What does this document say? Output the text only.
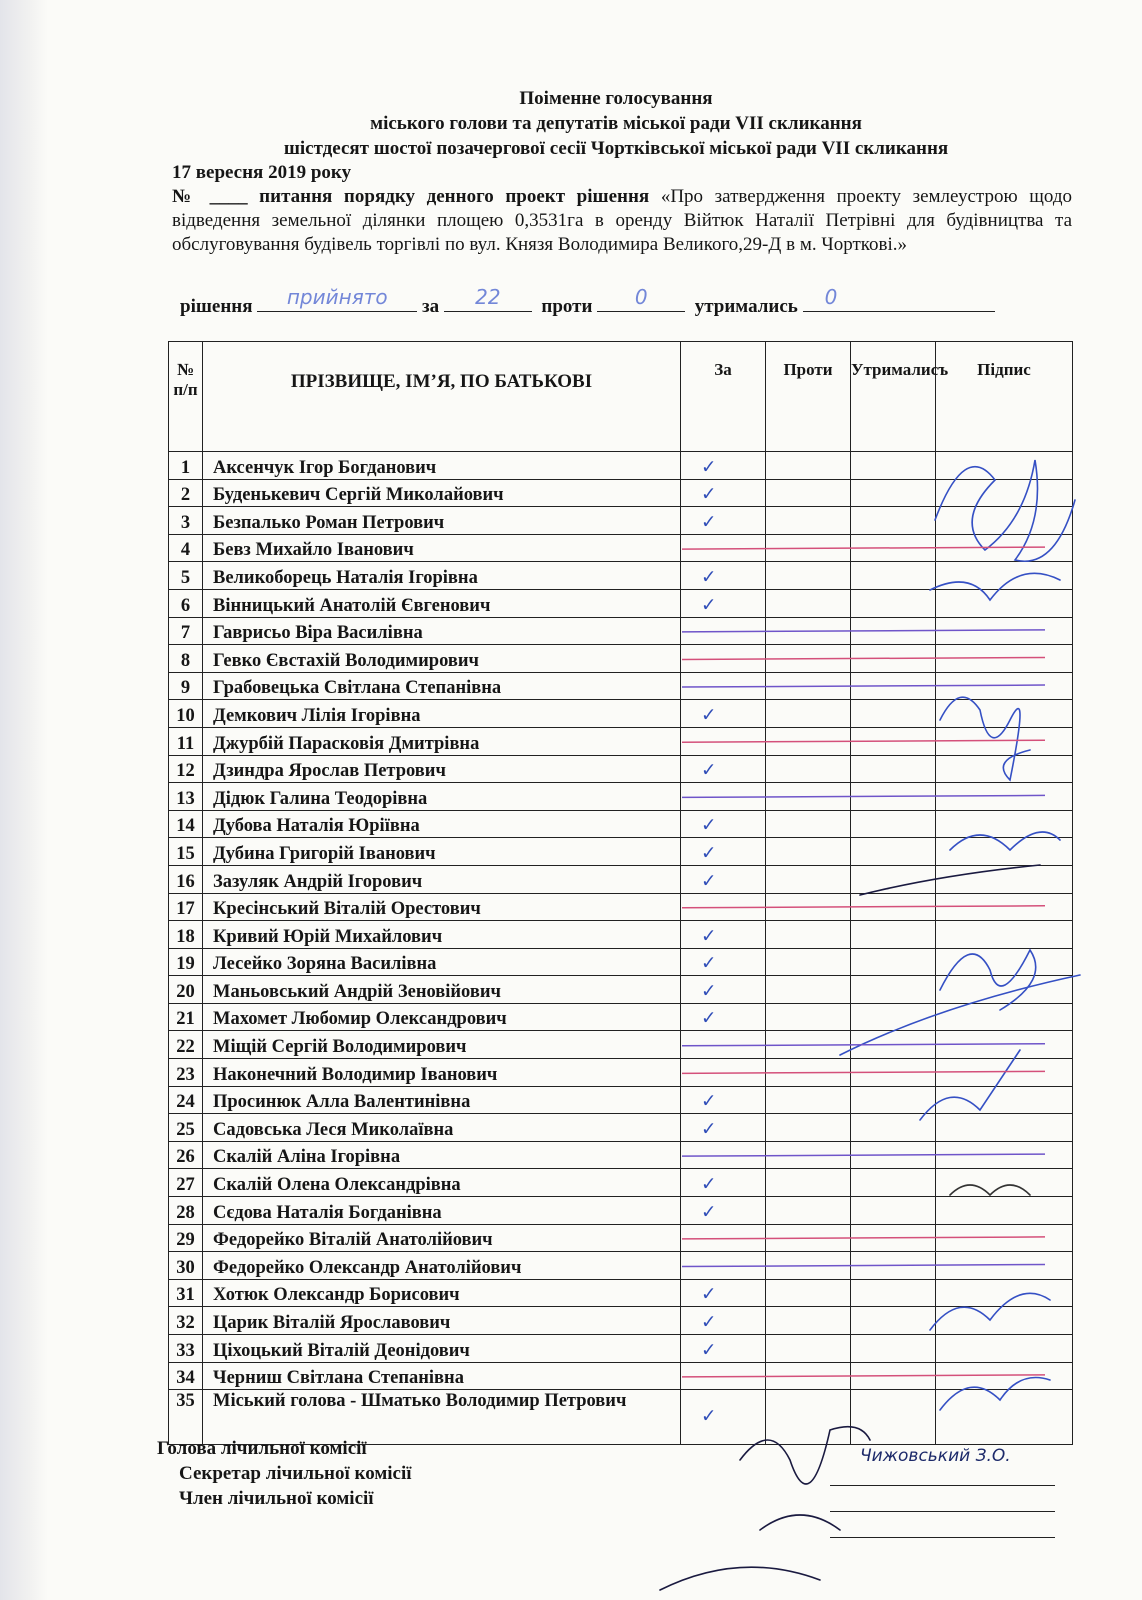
Поіменне голосування
міського голови та депутатів міської ради VII скликання
шістдесят шостої позачергової сесії Чортківської міської ради VII скликання
17 вересня 2019 року
№ ____ питання порядку денного проект рішення «Про затвердження проекту землеустрою щодо відведення земельної ділянки площею 0,3531га в оренду Війтюк Наталії Петрівні для будівництва та обслуговування будівель торгівлі по вул. Князя Володимира Великого,29-Д в м. Чорткові.»
рішення	прийнято	за	22	проти	0	утримались	0
№ п/п	ПРІЗВИЩЕ, ІМ’Я, ПО БАТЬКОВІ	За	Проти	Утрималисъ	Підпис
1	Аксенчук Ігор Богданович	✓			
2	Буденькевич Сергій Миколайович	✓			
3	Безпалько Роман Петрович	✓			
4	Бевз Михайло Іванович				
5	Великоборець Наталія Ігорівна	✓			
6	Вінницький Анатолій Євгенович	✓			
7	Гаврисьо Віра Василівна				
8	Гевко Євстахій Володимирович				
9	Грабовецька Світлана Степанівна				
10	Демкович Лілія Ігорівна	✓			
11	Джурбій Парасковія Дмитрівна				
12	Дзиндра Ярослав Петрович	✓			
13	Дідюк Галина Теодорівна				
14	Дубова Наталія Юріївна	✓			
15	Дубина Григорій Іванович	✓			
16	Зазуляк Андрій Ігорович	✓			
17	Кресінський Віталій Орестович				
18	Кривий Юрій Михайлович	✓			
19	Лесейко Зоряна Василівна	✓			
20	Маньовський Андрій Зеновійович	✓			
21	Махомет Любомир Олександрович	✓			
22	Міщій Сергій Володимирович				
23	Наконечний Володимир Іванович				
24	Просинюк Алла Валентинівна	✓			
25	Садовська Леся Миколаївна	✓			
26	Скалій Аліна Ігорівна				
27	Скалій Олена Олександрівна	✓			
28	Сєдова Наталія Богданівна	✓			
29	Федорейко Віталій Анатолійович				
30	Федорейко Олександр Анатолійович				
31	Хотюк Олександр Борисович	✓			
32	Царик Віталій Ярославович	✓			
33	Ціхоцький Віталій Деонідович	✓			
34	Черниш Світлана Степанівна				
35	Міський голова - Шматько Володимир Петрович	✓			
Голова лічильної комісії
Секретар лічильної комісії
Член лічильної комісії
Чижовський З.О.
